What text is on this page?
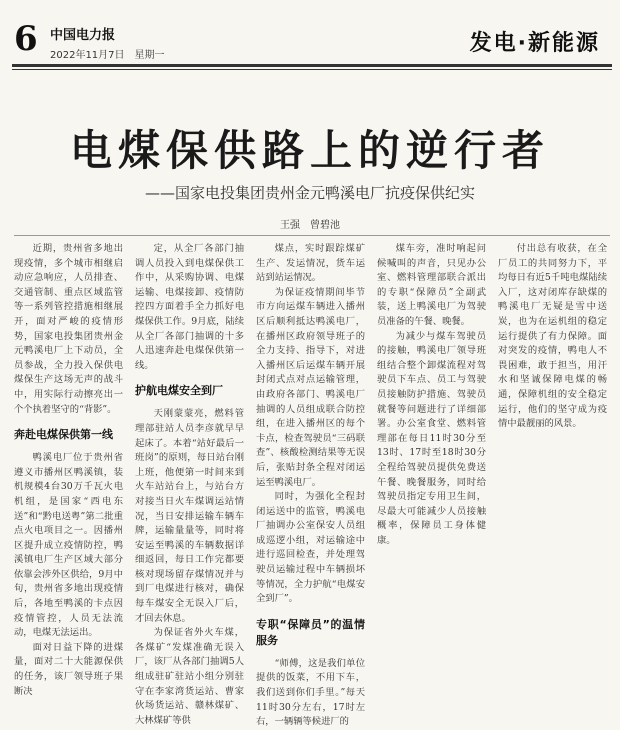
6 中国电力报
2022年11月7日　星期一	发电·新能源
电煤保供路上的逆行者
——国家电投集团贵州金元鸭溪电厂抗疫保供纪实
王强　曾碧池

近期，贵州省多地出现疫情，多个城市相继启动应急响应，人员排查、交通管制、重点区域监管等一系列管控措施相继展开，面对严峻的疫情形势，国家电投集团贵州金元鸭溪电厂上下动员，全员参战，全力投入保供电煤保生产这场无声的战斗中，用实际行动擦亮出一个个执着坚守的“背影”。

奔赴电煤保供第一线

鸭溪电厂位于贵州省遵义市播州区鸭溪镇，装机规模4台30万千瓦火电机组，是国家“西电东送”和“黔电送粤”第二批重点火电项目之一。因播州区提升成立疫情防控，鸭溪镇电厂生产区域大部分依靠会涉外区供给，9月中旬，贵州省多地出现疫情后，各地至鸭溪的卡点因疫情管控，人员无法流动，电煤无法运出。

面对日益下降的进煤量，面对二十大能源保供的任务，该厂领导班子果断决

定，从全厂各部门抽调人员投入到电煤保供工作中，从采购协调、电煤运输、电煤接卸、疫情防控四方面着手全力抓好电煤保供工作。9月底，陆续从全厂各部门抽调的十多人迅速奔赴电煤保供第一线。

护航电煤安全到厂

天刚蒙蒙亮，燃料管理部驻站人员李彦就早早起床了。本着“站好最后一班岗”的原则，每日站台刚上班，他便第一时间来到火车站站台上，与站台方对接当日火车煤调运站情况，当日安排运输车辆车牌，运输量量等，同时将安运至鸭溪的车辆数据详细返回，每日工作完都要核对现场留存煤情况并与到厂电煤进行核对，确保每车煤安全无误入厂后，才回去休息。

为保证省外火车煤，各煤矿“发煤准确无误入厂，该厂从各部门抽调5人组成驻矿驻站小组分别驻守在李家湾货运站、曹家伙场货运站、赣林煤矿、大林煤矿等供

煤点，实时跟踪煤矿生产、发运情况，货车运站到站运情况。

为保证疫情期间毕节市方向运煤车辆进入播州区后顺利抵达鸭溪电厂，在播州区政府领导班子的全力支持、指导下，对进入播州区后运煤车辆开展封闭式点对点运输管理，由政府各部门、鸭溪电厂抽调的人员组成联合防控组，在进入播州区的每个卡点，检查驾驶员“三码联查”、核酸检测结果等无误后，张贴封条全程对闭运运至鸭溪电厂。

同时，为强化全程封闭运送中的监管，鸭溪电厂抽调办公室保安人员组成巡逻小组，对运输途中进行巡回检查，并处理驾驶员运输过程中车辆损坏等情况，全力护航“电煤安全到厂”。

专职“保障员”的温情服务

“师傅，这是我们单位提供的饭菜，不用下车，我们送到你们手里。”每天11时30分左右，17时左右，一辆辆等候进厂的

煤车旁，准时响起问候喊叫的声音，只见办公室、燃料管理部联合派出的专职“保障员”全副武装，送上鸭溪电厂为驾驶员准备的午餐、晚餐。

为减少与煤车驾驶员的接触，鸭溪电厂领导班组结合整个卸煤流程对驾驶员下车点、员工与驾驶员接触防护措施、驾驶员就餐等问题进行了详细部署。办公室食堂、燃料管理部在每日11时30分至13时、17时至18时30分全程给驾驶员提供免费送午餐、晚餐服务，同时给驾驶员指定专用卫生间，尽最大可能减少人员接触概率，保障员工身体健康。

付出总有收获，在全厂员工的共同努力下，平均每日有近5千吨电煤陆续入厂，这对闭库存缺煤的鸭溪电厂无疑是雪中送炭，也为在运机组的稳定运行提供了有力保障。面对突发的疫情，鸭电人不畏困难，敢于担当，用汗水和坚诚保障电煤的畅通，保障机组的安全稳定运行，他们的坚守成为疫情中最靓丽的风景。
